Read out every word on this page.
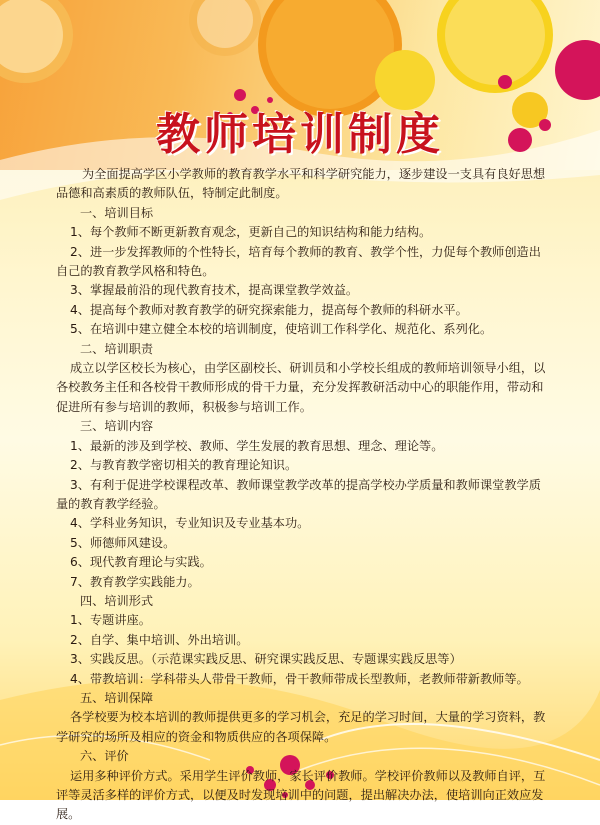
教师培训制度

为全面提高学区小学教师的教育教学水平和科学研究能力，逐步建设一支具有良好思想品德和高素质的教师队伍，特制定此制度。

一、培训目标

1、每个教师不断更新教育观念，更新自己的知识结构和能力结构。

2、进一步发挥教师的个性特长，培育每个教师的教育、教学个性，力促每个教师创造出自己的教育教学风格和特色。

3、掌握最前沿的现代教育技术，提高课堂教学效益。

4、提高每个教师对教育教学的研究探索能力，提高每个教师的科研水平。

5、在培训中建立健全本校的培训制度，使培训工作科学化、规范化、系列化。

二、培训职责

成立以学区校长为核心，由学区副校长、研训员和小学校长组成的教师培训领导小组，以各校教务主任和各校骨干教师形成的骨干力量，充分发挥教研活动中心的职能作用，带动和促进所有参与培训的教师，积极参与培训工作。

三、培训内容

1、最新的涉及到学校、教师、学生发展的教育思想、理念、理论等。

2、与教育教学密切相关的教育理论知识。

3、有利于促进学校课程改革、教师课堂教学改革的提高学校办学质量和教师课堂教学质量的教育教学经验。

4、学科业务知识，专业知识及专业基本功。

5、师德师风建设。

6、现代教育理论与实践。

7、教育教学实践能力。

四、培训形式

1、专题讲座。

2、自学、集中培训、外出培训。

3、实践反思。（示范课实践反思、研究课实践反思、专题课实践反思等）

4、带教培训：学科带头人带骨干教师，骨干教师带成长型教师，老教师带新教师等。

五、培训保障

各学校要为校本培训的教师提供更多的学习机会，充足的学习时间，大量的学习资料，教学研究的场所及相应的资金和物质供应的各项保障。

六、评价

运用多种评价方式。采用学生评价教师，家长评价教师。学校评价教师以及教师自评，互评等灵活多样的评价方式，以便及时发现培训中的问题，提出解决办法，使培训向正效应发展。
